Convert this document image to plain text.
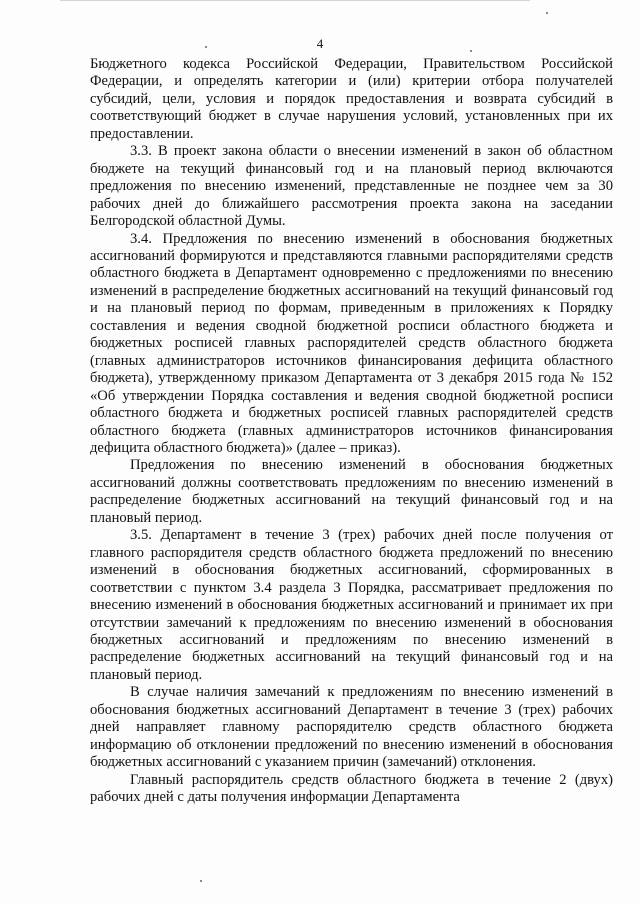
4

Бюджетного кодекса Российской Федерации, Правительством Российской Федерации, и определять категории и (или) критерии отбора получателей субсидий, цели, условия и порядок предоставления и возврата субсидий в соответствующий бюджет в случае нарушения условий, установленных при их предоставлении.

3.3. В проект закона области о внесении изменений в закон об областном бюджете на текущий финансовый год и на плановый период включаются предложения по внесению изменений, представленные не позднее чем за 30 рабочих дней до ближайшего рассмотрения проекта закона на заседании Белгородской областной Думы.

3.4. Предложения по внесению изменений в обоснования бюджетных ассигнований формируются и представляются главными распорядителями средств областного бюджета в Департамент одновременно с предложениями по внесению изменений в распределение бюджетных ассигнований на текущий финансовый год и на плановый период по формам, приведенным в приложениях к Порядку составления и ведения сводной бюджетной росписи областного бюджета и бюджетных росписей главных распорядителей средств областного бюджета (главных администраторов источников финансирования дефицита областного бюджета), утвержденному приказом Департамента от 3 декабря 2015 года № 152 «Об утверждении Порядка составления и ведения сводной бюджетной росписи областного бюджета и бюджетных росписей главных распорядителей средств областного бюджета (главных администраторов источников финансирования дефицита областного бюджета)» (далее – приказ).

Предложения по внесению изменений в обоснования бюджетных ассигнований должны соответствовать предложениям по внесению изменений в распределение бюджетных ассигнований на текущий финансовый год и на плановый период.

3.5. Департамент в течение 3 (трех) рабочих дней после получения от главного распорядителя средств областного бюджета предложений по внесению изменений в обоснования бюджетных ассигнований, сформированных в соответствии с пунктом 3.4 раздела 3 Порядка, рассматривает предложения по внесению изменений в обоснования бюджетных ассигнований и принимает их при отсутствии замечаний к предложениям по внесению изменений в обоснования бюджетных ассигнований и предложениям по внесению изменений в распределение бюджетных ассигнований на текущий финансовый год и на плановый период.

В случае наличия замечаний к предложениям по внесению изменений в обоснования бюджетных ассигнований Департамент в течение 3 (трех) рабочих дней направляет главному распорядителю средств областного бюджета информацию об отклонении предложений по внесению изменений в обоснования бюджетных ассигнований с указанием причин (замечаний) отклонения.

Главный распорядитель средств областного бюджета в течение 2 (двух) рабочих дней с даты получения информации Департамента
